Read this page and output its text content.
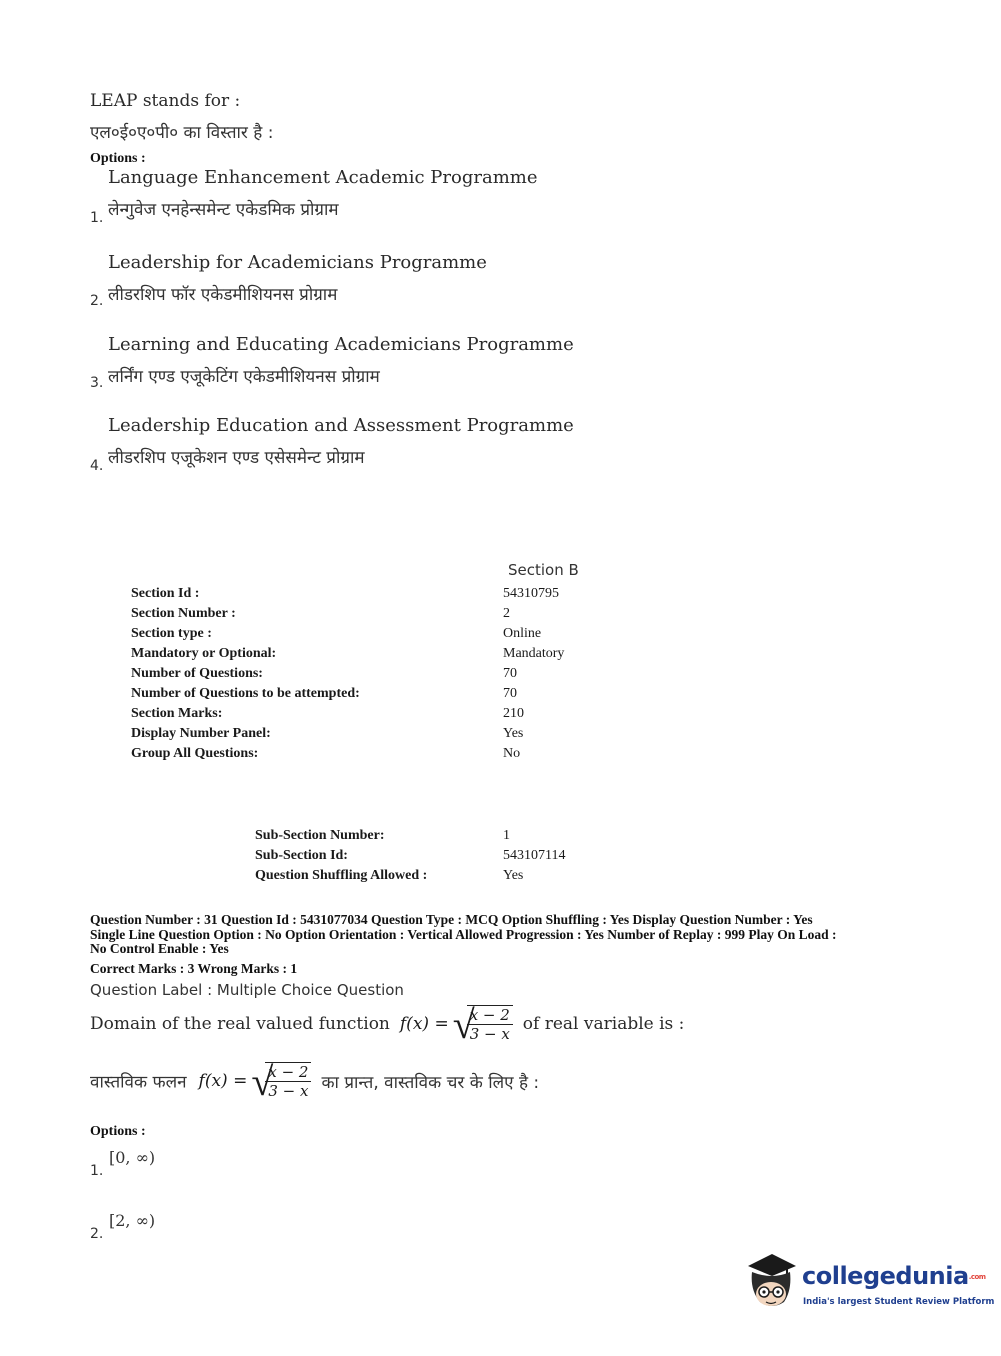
LEAP stands for :
एल०ई०ए०पी० का विस्तार है :
Options :
Language Enhancement Academic Programme
लेन्गुवेज एनहेन्समेन्ट एकेडमिक प्रोग्राम
1.
Leadership for Academicians Programme
लीडरशिप फॉर एकेडमीशियनस प्रोग्राम
2.
Learning and Educating Academicians Programme
लर्निंग एण्ड एजूकेटिंग एकेडमीशियनस प्रोग्राम
3.
Leadership Education and Assessment Programme
लीडरशिप एजूकेशन एण्ड एसेसमेन्ट प्रोग्राम
4.
Section B
Section Id :	54310795
Section Number :	2
Section type :	Online
Mandatory or Optional:	Mandatory
Number of Questions:	70
Number of Questions to be attempted:	70
Section Marks:	210
Display Number Panel:	Yes
Group All Questions:	No
Sub-Section Number:	1
Sub-Section Id:	543107114
Question Shuffling Allowed :	Yes
Question Number : 31 Question Id : 5431077034 Question Type : MCQ Option Shuffling : Yes Display Question Number : Yes
Single Line Question Option : No Option Orientation : Vertical Allowed Progression : Yes Number of Replay : 999 Play On Load :
No Control Enable : Yes
Correct Marks : 3 Wrong Marks : 1
Question Label : Multiple Choice Question
Domain of the real valued function f(x) = √
$\frac{x - 2}{3 - x}$ of real variable is :
वास्तविक फलन f(x) = √
$\frac{x - 2}{3 - x}$ का प्रान्त, वास्तविक चर के लिए है :
Options :
[0, ∞)
1.
[2, ∞)
2.
collegedunia.com
India's largest Student Review Platform
